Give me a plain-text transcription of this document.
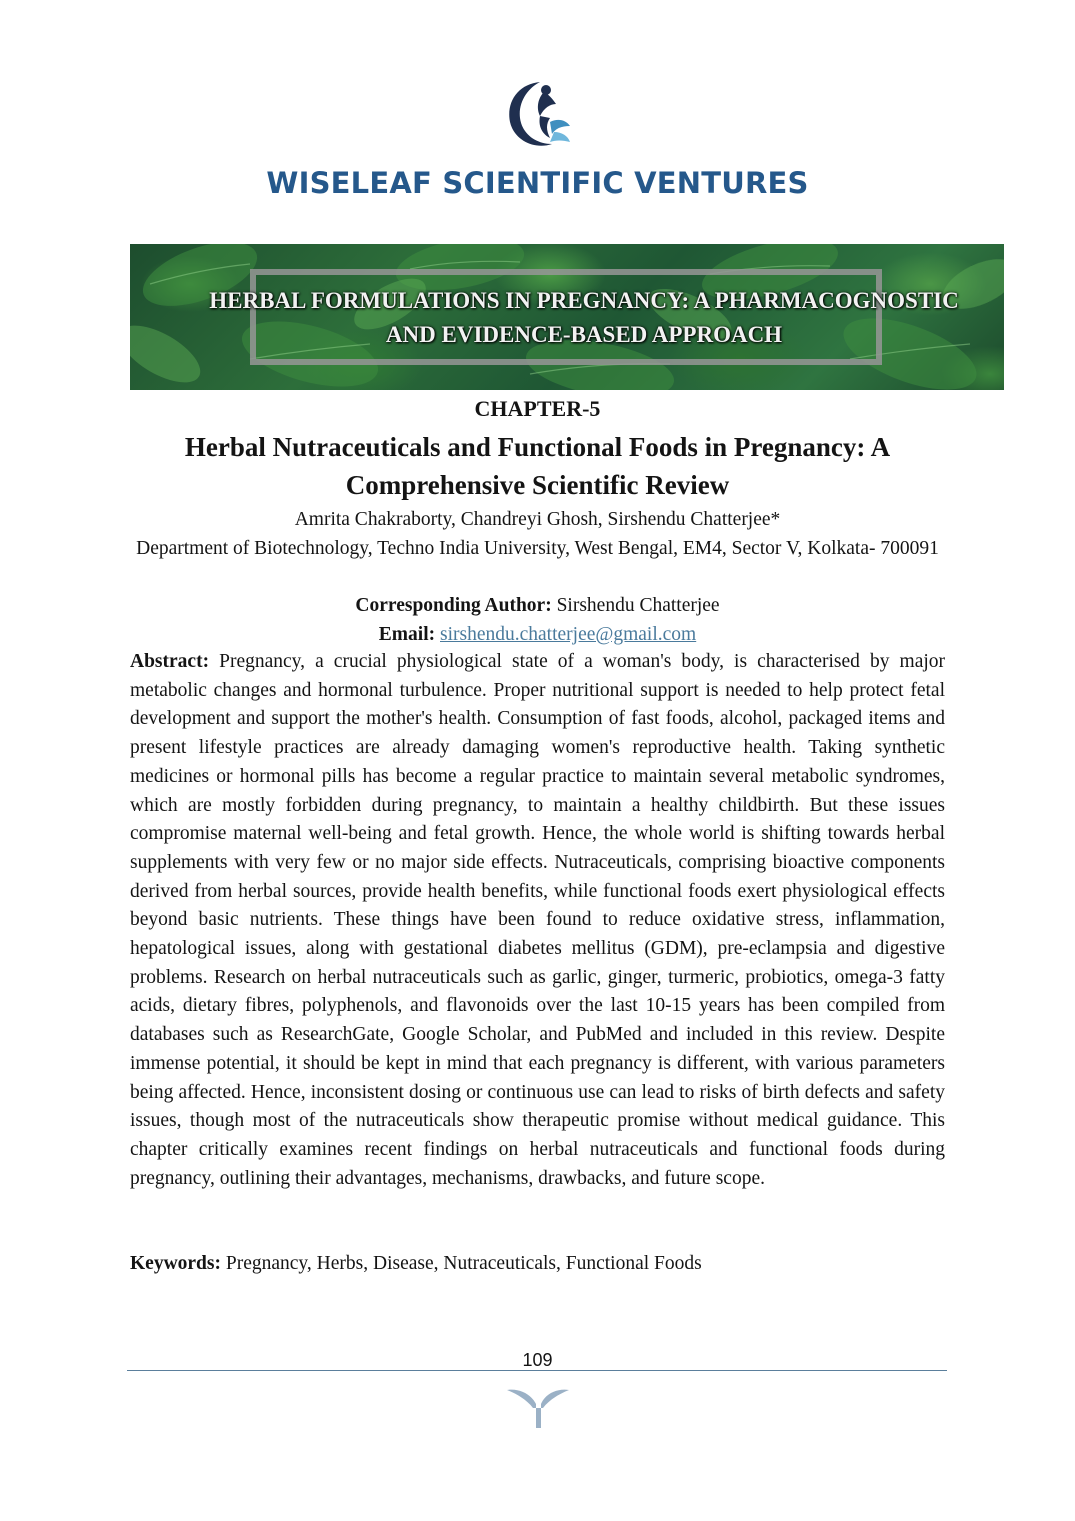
WISELEAF SCIENTIFIC VENTURES
HERBAL FORMULATIONS IN PREGNANCY: A PHARMACOGNOSTIC
AND EVIDENCE-BASED APPROACH
CHAPTER-5
Herbal Nutraceuticals and Functional Foods in Pregnancy: A Comprehensive Scientific Review
Amrita Chakraborty, Chandreyi Ghosh, Sirshendu Chatterjee*
Department of Biotechnology, Techno India University, West Bengal, EM4, Sector V, Kolkata- 700091
Corresponding Author: Sirshendu Chatterjee
Email: sirshendu.chatterjee@gmail.com

Abstract: Pregnancy, a crucial physiological state of a woman's body, is characterised by major metabolic changes and hormonal turbulence. Proper nutritional support is needed to help protect fetal development and support the mother's health. Consumption of fast foods, alcohol, packaged items and present lifestyle practices are already damaging women's reproductive health. Taking synthetic medicines or hormonal pills has become a regular practice to maintain several metabolic syndromes, which are mostly forbidden during pregnancy, to maintain a healthy childbirth. But these issues compromise maternal well-being and fetal growth. Hence, the whole world is shifting towards herbal supplements with very few or no major side effects. Nutraceuticals, comprising bioactive components derived from herbal sources, provide health benefits, while functional foods exert physiological effects beyond basic nutrients. These things have been found to reduce oxidative stress, inflammation, hepatological issues, along with gestational diabetes mellitus (GDM), pre-eclampsia and digestive problems. Research on herbal nutraceuticals such as garlic, ginger, turmeric, probiotics, omega-3 fatty acids, dietary fibres, polyphenols, and flavonoids over the last 10-15 years has been compiled from databases such as ResearchGate, Google Scholar, and PubMed and included in this review. Despite immense potential, it should be kept in mind that each pregnancy is different, with various parameters being affected. Hence, inconsistent dosing or continuous use can lead to risks of birth defects and safety issues, though most of the nutraceuticals show therapeutic promise without medical guidance. This chapter critically examines recent findings on herbal nutraceuticals and functional foods during pregnancy, outlining their advantages, mechanisms, drawbacks, and future scope.

Keywords: Pregnancy, Herbs, Disease, Nutraceuticals, Functional Foods
109
